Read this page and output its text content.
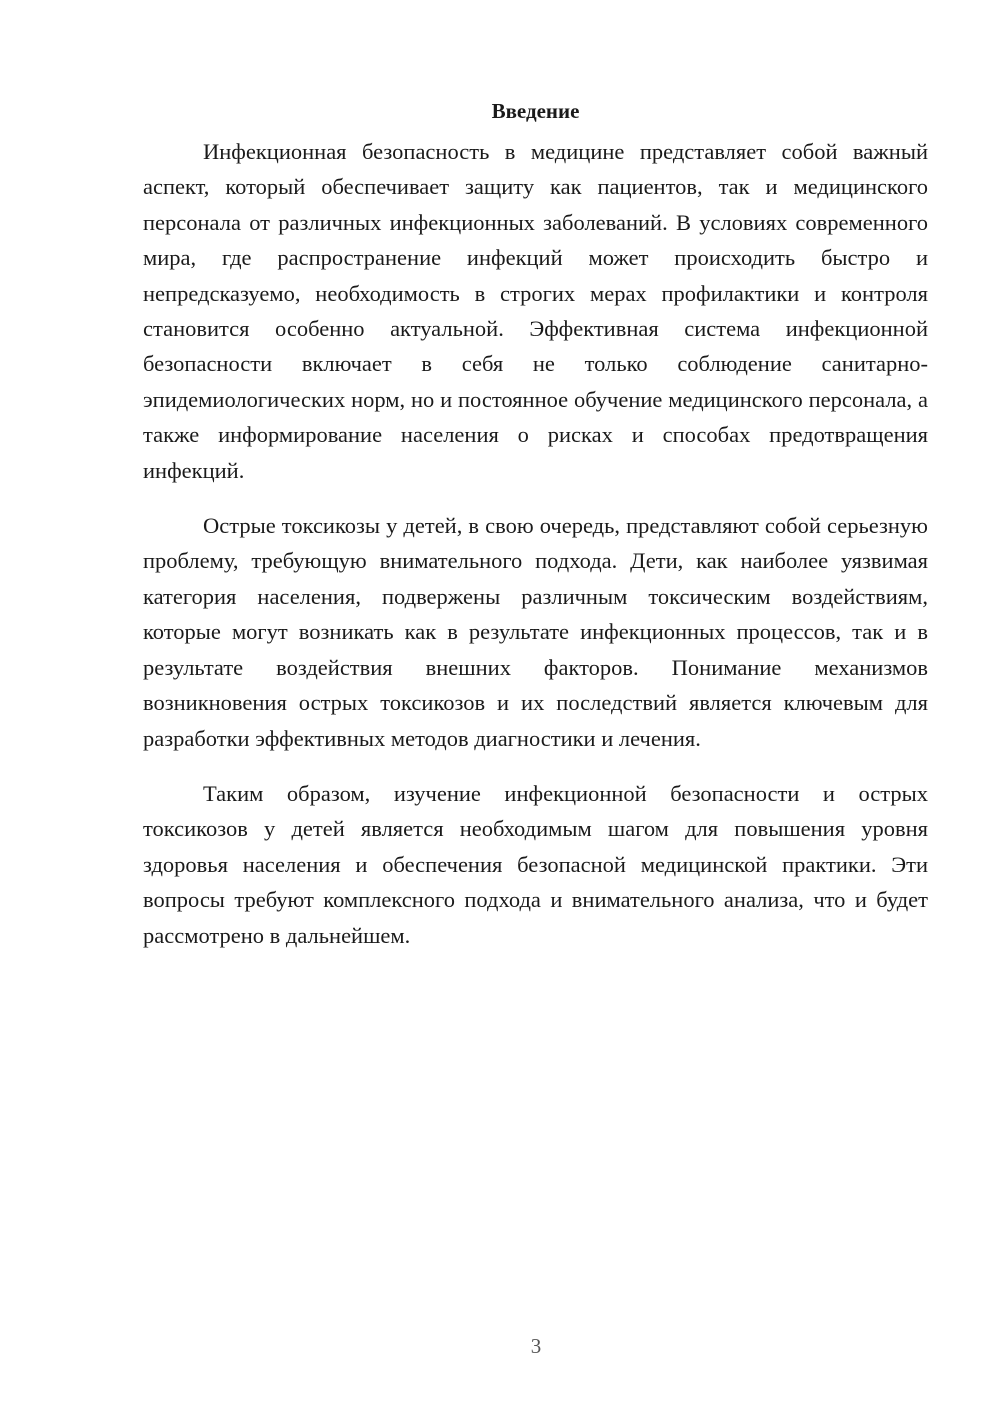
Введение

Инфекционная безопасность в медицине представляет собой важный аспект, который обеспечивает защиту как пациентов, так и медицинского персонала от различных инфекционных заболеваний. В условиях современного мира, где распространение инфекций может происходить быстро и непредсказуемо, необходимость в строгих мерах профилактики и контроля становится особенно актуальной. Эффективная система инфекционной безопасности включает в себя не только соблюдение санитарно-эпидемиологических норм, но и постоянное обучение медицинского персонала, а также информирование населения о рисках и способах предотвращения инфекций.

Острые токсикозы у детей, в свою очередь, представляют собой серьезную проблему, требующую внимательного подхода. Дети, как наиболее уязвимая категория населения, подвержены различным токсическим воздействиям, которые могут возникать как в результате инфекционных процессов, так и в результате воздействия внешних факторов. Понимание механизмов возникновения острых токсикозов и их последствий является ключевым для разработки эффективных методов диагностики и лечения.

Таким образом, изучение инфекционной безопасности и острых токсикозов у детей является необходимым шагом для повышения уровня здоровья населения и обеспечения безопасной медицинской практики. Эти вопросы требуют комплексного подхода и внимательного анализа, что и будет рассмотрено в дальнейшем.

3
